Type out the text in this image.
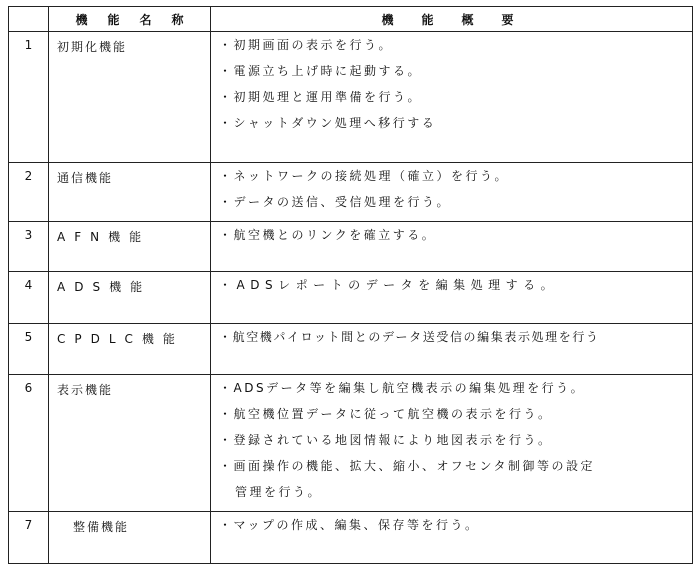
	機能名称	機能概要
1	初期化機能	・初期画面の表示を行う。
・電源立ち上げ時に起動する。
・初期処理と運用準備を行う。
・シャットダウン処理へ移行する

2	通信機能	・ネットワークの接続処理（確立）を行う。
・データの送信、受信処理を行う。

3	AFN機能	・航空機とのリンクを確立する。

4	ADS機能	・ADSレポートのデータを編集処理する。

5	CPDLC機能	・航空機パイロット間とのデータ送受信の編集表示処理を行う

6	表示機能	・ADSデータ等を編集し航空機表示の編集処理を行う。
・航空機位置データに従って航空機の表示を行う。
・登録されている地図情報により地図表示を行う。
・画面操作の機能、拡大、縮小、オフセンタ制御等の設定
管理を行う。

7	整備機能	・マップの作成、編集、保存等を行う。
